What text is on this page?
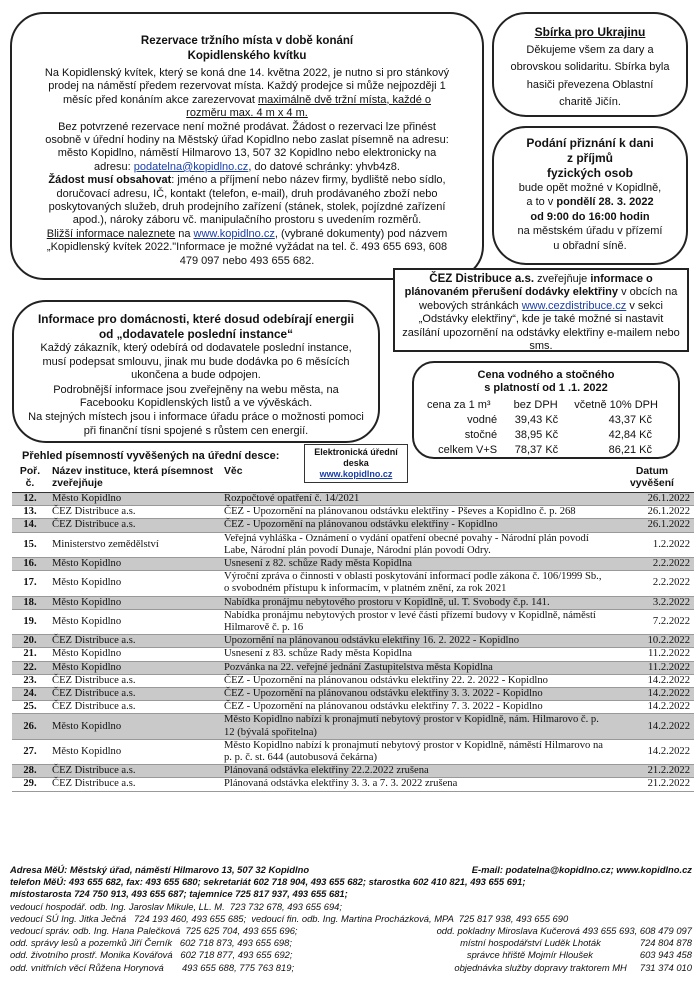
Rezervace tržního místa v době konání
Kopidlenského kvítku
Na Kopidlenský kvítek, který se koná dne 14. května 2022, je nutno si pro stánkový prodej na náměstí předem rezervovat místa. Každý prodejce si může nejpozději 1 měsíc před konáním akce zarezervovat maximálně dvě tržní místa, každé o rozměru max. 4 m x 4 m.
Bez potvrzené rezervace není možné prodávat. Žádost o rezervaci lze přinést osobně v úřední hodiny na Městský úřad Kopidlno nebo zaslat písemně na adresu: město Kopidlno, náměstí Hilmarovo 13, 507 32 Kopidlno nebo elektronicky na adresu: podatelna@kopidlno.cz, do datové schránky: yhvb4z8.
Žádost musí obsahovat: jméno a příjmení nebo název firmy, bydliště nebo sídlo, doručovací adresu, IČ, kontakt (telefon, e-mail), druh prodávaného zboží nebo poskytovaných služeb, druh prodejního zařízení (stánek, stolek, pojízdné zařízení apod.), nároky záboru vč. manipulačního prostoru s uvedením rozměrů.
Bližší informace naleznete na www.kopidlno.cz, (vybrané dokumenty) pod názvem „Kopidlenský kvítek 2022."Informace je možné vyžádat na tel. č. 493 655 693, 608 479 097 nebo 493 655 682.
Sbírka pro Ukrajinu
Děkujeme všem za dary a obrovskou solidaritu. Sbírka byla hasiči převezena Oblastní charitě Jičín.
Podání přiznání k dani
z příjmů
fyzických osob
bude opět možné v Kopidlně,
a to v pondělí 28. 3. 2022
od 9:00 do 16:00 hodin
na městském úřadu v přízemí
u obřadní síně.
ČEZ Distribuce a.s. zveřejňuje informace o plánovaném přerušení dodávky elektřiny v obcích na webových stránkách www.cezdistribuce.cz v sekci „Odstávky elektřiny“, kde je také možné si nastavit zasílání upozornění na odstávky elektřiny e-mailem nebo sms.
Informace pro domácnosti, které dosud odebírají energii
od „dodavatele poslední instance“
Každý zákazník, který odebírá od dodavatele poslední instance, musí podepsat smlouvu, jinak mu bude dodávka po 6 měsících ukončena a bude odpojen.
Podrobnější informace jsou zveřejněny na webu města, na Facebooku Kopidlenských listů a ve vývěskách.
Na stejných místech jsou i informace úřadu práce o možnosti pomoci při finanční tísni spojené s růstem cen energií.
Cena vodného a stočného
s platností od 1 .1. 2022
cena za 1 m³	bez DPH	včetně 10% DPH
vodné	39,43 Kč	43,37 Kč
stočné	38,95 Kč	42,84 Kč
celkem V+S	78,37 Kč	86,21 Kč
Přehled písemností vyvěšených na úřední desce:	Elektronická úřední deska
www.kopidlno.cz
Poř. č.	Název instituce, která písemnost zveřejňuje	Věc	Datum vyvěšení
12.	Město Kopidlno	Rozpočtové opatření č. 14/2021	26.1.2022
13.	ČEZ Distribuce a.s.	ČEZ - Upozornění na plánovanou odstávku elektřiny - Pševes a Kopidlno č. p. 268	26.1.2022
14.	ČEZ Distribuce a.s.	ČEZ - Upozornění na plánovanou odstávku elektřiny - Kopidlno	26.1.2022
15.	Ministerstvo zemědělství	Veřejná vyhláška - Oznámení o vydání opatření obecné povahy - Národní plán povodí Labe, Národní plán povodí Dunaje, Národní plán povodí Odry.	1.2.2022
16.	Město Kopidlno	Usnesení z 82. schůze Rady města Kopidlna	2.2.2022
17.	Město Kopidlno	Výroční zpráva o činnosti v oblasti poskytování informací podle zákona č. 106/1999 Sb., o svobodném přístupu k informacím, v platném znění, za rok 2021	2.2.2022
18.	Město Kopidlno	Nabídka pronájmu nebytového prostoru v Kopidlně, ul. T. Svobody č.p. 141.	3.2.2022
19.	Město Kopidlno	Nabídka pronájmu nebytových prostor v levé části přízemí budovy v Kopidlně, náměstí Hilmarově č. p. 16	7.2.2022
20.	ČEZ Distribuce a.s.	Upozornění na plánovanou odstávku elektřiny 16. 2. 2022 - Kopidlno	10.2.2022
21.	Město Kopidlno	Usnesení z 83. schůze Rady města Kopidlna	11.2.2022
22.	Město Kopidlno	Pozvánka na 22. veřejné jednání Zastupitelstva města Kopidlna	11.2.2022
23.	ČEZ Distribuce a.s.	ČEZ - Upozornění na plánovanou odstávku elektřiny 22. 2. 2022 - Kopidlno	14.2.2022
24.	ČEZ Distribuce a.s.	ČEZ - Upozornění na plánovanou odstávku elektřiny 3. 3. 2022 - Kopidlno	14.2.2022
25.	ČEZ Distribuce a.s.	ČEZ - Upozornění na plánovanou odstávku elektřiny 7. 3. 2022 - Kopidlno	14.2.2022
26.	Město Kopidlno	Město Kopidlno nabízí k pronajmutí nebytový prostor v Kopidlně, nám. Hilmarovo č. p. 12 (bývalá spořitelna)	14.2.2022
27.	Město Kopidlno	Město Kopidlno nabízí k pronajmutí nebytový prostor v Kopidlně, náměstí Hilmarovo na p. p. č. st. 644 (autobusová čekárna)	14.2.2022
28.	ČEZ Distribuce a.s.	Plánovaná odstávka elektřiny 22.2.2022 zrušena	21.2.2022
29.	ČEZ Distribuce a.s.	Plánovaná odstávka elektřiny 3. 3. a 7. 3. 2022 zrušena	21.2.2022
Adresa MěÚ: Městský úřad, náměstí Hilmarovo 13, 507 32 Kopidlno	E-mail: podatelna@kopidlno.cz; www.kopidlno.cz
telefon MěÚ: 493 655 682, fax: 493 655 680; sekretariát 602 718 904, 493 655 682; starostka 602 410 821, 493 655 691;
místostarosta 724 750 913, 493 655 687; tajemnice 725 817 937, 493 655 681;
vedoucí hospodář. odb. Ing. Jaroslav Mikule, LL. M.  723 732 678, 493 655 694;
vedoucí SÚ Ing. Jitka Ječná   724 193 460, 493 655 685;  vedoucí fin. odb. Ing. Martina Procházková, MPA  725 817 938, 493 655 690
vedoucí správ. odb. Ing. Hana Palečková  725 625 704, 493 655 696;	odd. pokladny Miroslava Kučerová 493 655 693, 608 479 097
odd. správy lesů a pozemků Jiří Černík   602 718 873, 493 655 698;	místní hospodářství Luděk Lhoták               724 804 878
odd. životního prostř. Monika Kovářová   602 718 877, 493 655 692;	správce hřiště Mojmír Hloušek                  603 943 458
odd. vnitřních věcí Růžena Horynová       493 655 688, 775 763 819;	objednávka služby dopravy traktorem MH     731 374 010
